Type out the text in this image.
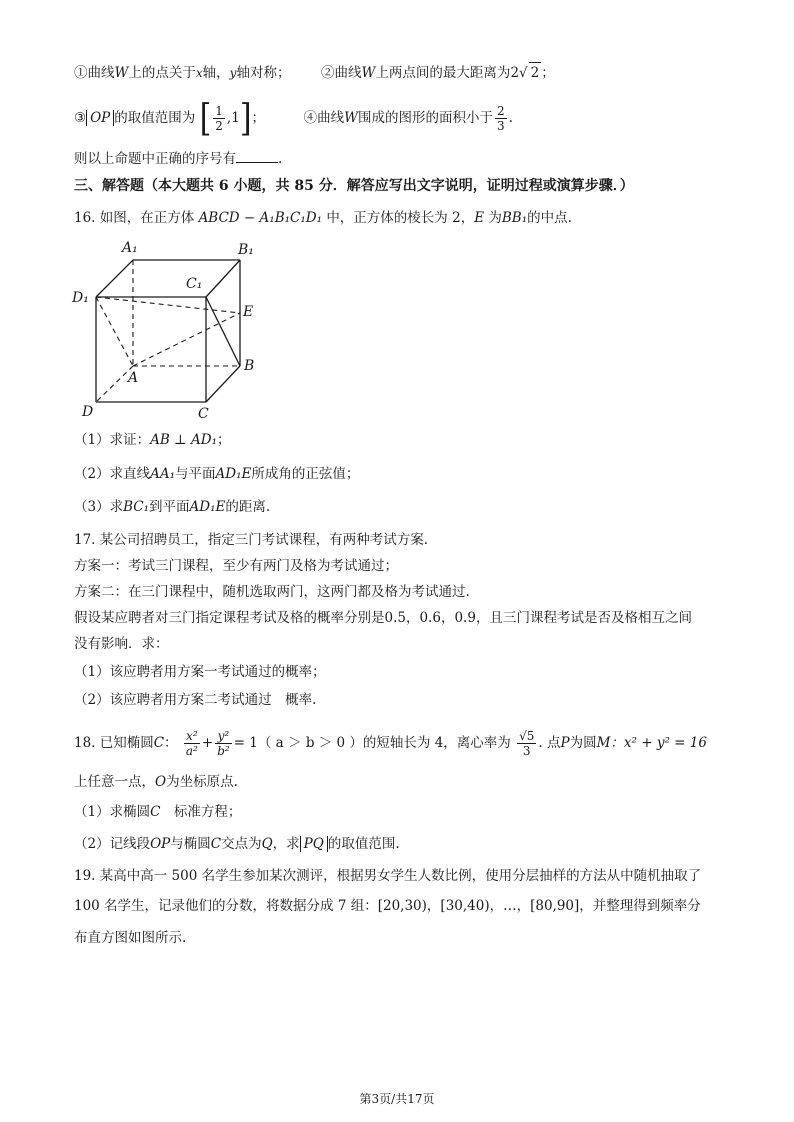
①曲线W上的点关于x轴，y轴对称； ②曲线W上两点间的最大距离为2√ 2 ；
③ OP 的取值范围为 [ $\frac{1}{2} ,1$]；	④曲线W围成的图形的面积小于 $\frac{2}{3}$ .
则以上命题中正确的序号有	.
三、解答题（本大题共 6 小题，共 85 分．解答应写出文字说明，证明过程或演算步骤．）
16. 如图，在正方体 ABCD − A₁B₁C₁D₁ 中，正方体的棱长为 2，E 为BB₁的中点.
A₁	B₁
C₁
D₁
E
B
A
D	C
（1）求证：AB ⊥ AD₁；
（2）求直线AA₁与平面AD₁E所成角的正弦值；
（3）求BC₁到平面AD₁E的距离.
17. 某公司招聘员工，指定三门考试课程，有两种考试方案.
方案一：考试三门课程，至少有两门及格为考试通过；
方案二：在三门课程中，随机选取两门，这两门都及格为考试通过.
假设某应聘者对三门指定课程考试及格的概率分别是0.5，0.6，0.9，且三门课程考试是否及格相互之间
没有影响．求：
（1）该应聘者用方案一考试通过的概率；
（2）该应聘者用方案二考试通过　概率.
18. 已知椭圆C： $\frac{\text{x²}}{\text{a²}} + \frac{\text{y²}}{\text{b²}} = 1$（ a ＞ b ＞ 0 ）的短轴长为 4，离心率为 $\frac{√5}{3}$ . 点P为圆M：x² + y² = 16
上任意一点，O为坐标原点.
（1）求椭圆C　标准方程；
（2）记线段OP与椭圆C交点为Q，求 PQ 的取值范围.
19. 某高中高一 500 名学生参加某次测评，根据男女学生人数比例，使用分层抽样的方法从中随机抽取了
100 名学生，记录他们的分数，将数据分成 7 组：[20,30)，[30,40)，…，[80,90]，并整理得到频率分
布直方图如图所示.
第3页/共17页
